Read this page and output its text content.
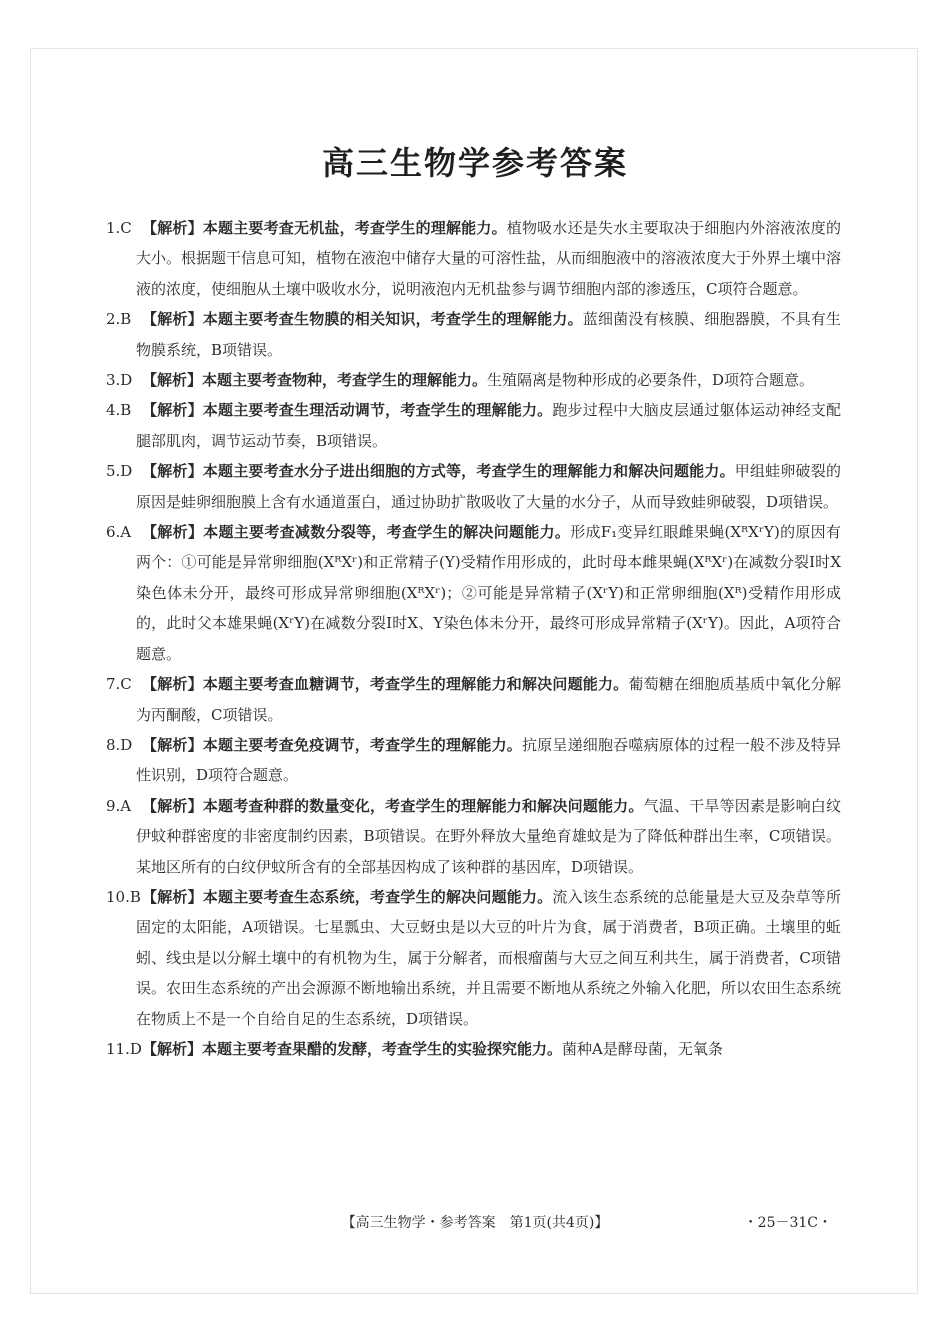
高三生物学参考答案

1.C 【解析】本题主要考查无机盐，考查学生的理解能力。植物吸水还是失水主要取决于细胞内外溶液浓度的大小。根据题干信息可知，植物在液泡中储存大量的可溶性盐，从而细胞液中的溶液浓度大于外界土壤中溶液的浓度，使细胞从土壤中吸收水分，说明液泡内无机盐参与调节细胞内部的渗透压，C项符合题意。

2.B 【解析】本题主要考查生物膜的相关知识，考查学生的理解能力。蓝细菌没有核膜、细胞器膜，不具有生物膜系统，B项错误。

3.D 【解析】本题主要考查物种，考查学生的理解能力。生殖隔离是物种形成的必要条件，D项符合题意。

4.B 【解析】本题主要考查生理活动调节，考查学生的理解能力。跑步过程中大脑皮层通过躯体运动神经支配腿部肌肉，调节运动节奏，B项错误。

5.D 【解析】本题主要考查水分子进出细胞的方式等，考查学生的理解能力和解决问题能力。甲组蛙卵破裂的原因是蛙卵细胞膜上含有水通道蛋白，通过协助扩散吸收了大量的水分子，从而导致蛙卵破裂，D项错误。

6.A 【解析】本题主要考查减数分裂等，考查学生的解决问题能力。形成F₁变异红眼雌果蝇(XᴿXʳY)的原因有两个：①可能是异常卵细胞(XᴿXʳ)和正常精子(Y)受精作用形成的，此时母本雌果蝇(XᴿXʳ)在减数分裂Ⅰ时X染色体未分开，最终可形成异常卵细胞(XᴿXʳ)；②可能是异常精子(XʳY)和正常卵细胞(Xᴿ)受精作用形成的，此时父本雄果蝇(XʳY)在减数分裂Ⅰ时X、Y染色体未分开，最终可形成异常精子(XʳY)。因此，A项符合题意。

7.C 【解析】本题主要考查血糖调节，考查学生的理解能力和解决问题能力。葡萄糖在细胞质基质中氧化分解为丙酮酸，C项错误。

8.D 【解析】本题主要考查免疫调节，考查学生的理解能力。抗原呈递细胞吞噬病原体的过程一般不涉及特异性识别，D项符合题意。

9.A 【解析】本题考查种群的数量变化，考查学生的理解能力和解决问题能力。气温、干旱等因素是影响白纹伊蚊种群密度的非密度制约因素，B项错误。在野外释放大量绝育雄蚊是为了降低种群出生率，C项错误。某地区所有的白纹伊蚊所含有的全部基因构成了该种群的基因库，D项错误。

10.B 【解析】本题主要考查生态系统，考查学生的解决问题能力。流入该生态系统的总能量是大豆及杂草等所固定的太阳能，A项错误。七星瓢虫、大豆蚜虫是以大豆的叶片为食，属于消费者，B项正确。土壤里的蚯蚓、线虫是以分解土壤中的有机物为生，属于分解者，而根瘤菌与大豆之间互利共生，属于消费者，C项错误。农田生态系统的产出会源源不断地输出系统，并且需要不断地从系统之外输入化肥，所以农田生态系统在物质上不是一个自给自足的生态系统，D项错误。

11.D 【解析】本题主要考查果醋的发酵，考查学生的实验探究能力。菌种A是酵母菌，无氧条

【高三生物学・参考答案　第1页(共4页)】	・25－31C・
